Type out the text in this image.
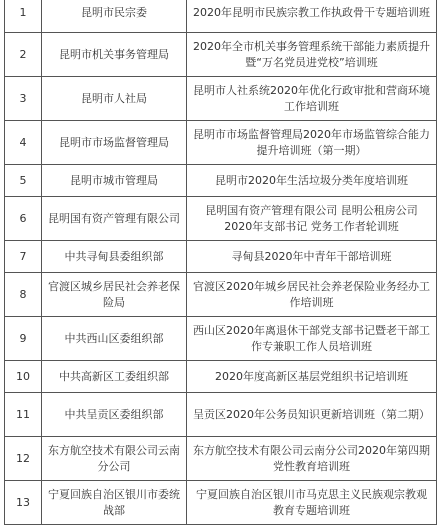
1	昆明市民宗委	2020年昆明市民族宗教工作执政骨干专题培训班
2	昆明市机关事务管理局	2020年全市机关事务管理系统干部能力素质提升暨“万名党员进党校”培训班
3	昆明市人社局	昆明市人社系统2020年优化行政审批和营商环境工作培训班
4	昆明市市场监督管理局	昆明市市场监督管理局2020年市场监管综合能力提升培训班（第一期）
5	昆明市城市管理局	昆明市2020年生活垃圾分类年度培训班
6	昆明国有资产管理有限公司	昆明国有资产管理有限公司 昆明公租房公司2020年支部书记 党务工作者轮训班
7	中共寻甸县委组织部	寻甸县2020年中青年干部培训班
8	官渡区城乡居民社会养老保险局	官渡区2020年城乡居民社会养老保险业务经办工作培训班
9	中共西山区委组织部	西山区2020年离退休干部党支部书记暨老干部工作专兼职工作人员培训班
10	中共高新区工委组织部	2020年度高新区基层党组织书记培训班
11	中共呈贡区委组织部	呈贡区2020年公务员知识更新培训班（第二期）
12	东方航空技术有限公司云南分公司	东方航空技术有限公司云南分公司2020年第四期党性教育培训班
13	宁夏回族自治区银川市委统战部	宁夏回族自治区银川市马克思主义民族观宗教观教育专题培训班
